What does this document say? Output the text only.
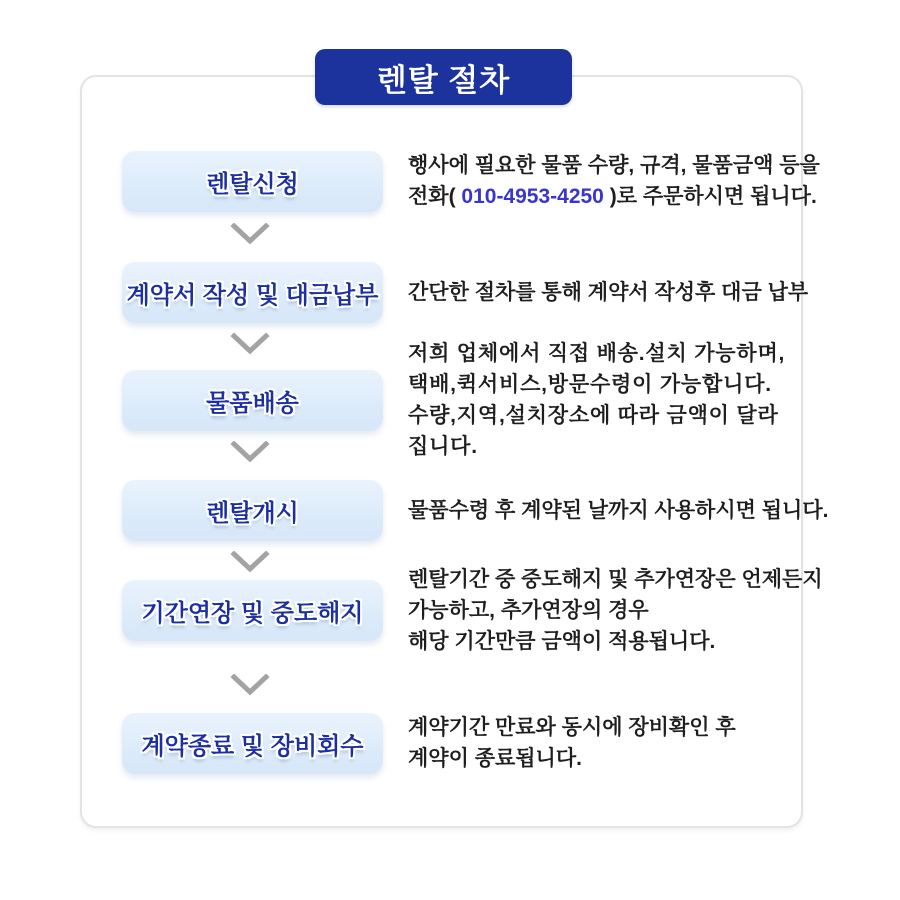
렌탈 절차
렌탈신청
행사에 필요한 물품 수량, 규격, 물품금액 등을
전화( 010-4953-4250 )로 주문하시면 됩니다.
계약서 작성 및 대금납부 간단한 절차를 통해 계약서 작성후 대금 납부
물품배송
저희 업체에서 직접 배송.설치 가능하며,
택배,퀵서비스,방문수령이 가능합니다.
수량,지역,설치장소에 따라 금액이 달라
집니다.
렌탈개시	물품수령 후 계약된 날까지 사용하시면 됩니다.
기간연장 및 중도해지
렌탈기간 중 중도해지 및 추가연장은 언제든지
가능하고, 추가연장의 경우
해당 기간만큼 금액이 적용됩니다.
계약종료 및 장비회수
계약기간 만료와 동시에 장비확인 후
계약이 종료됩니다.
